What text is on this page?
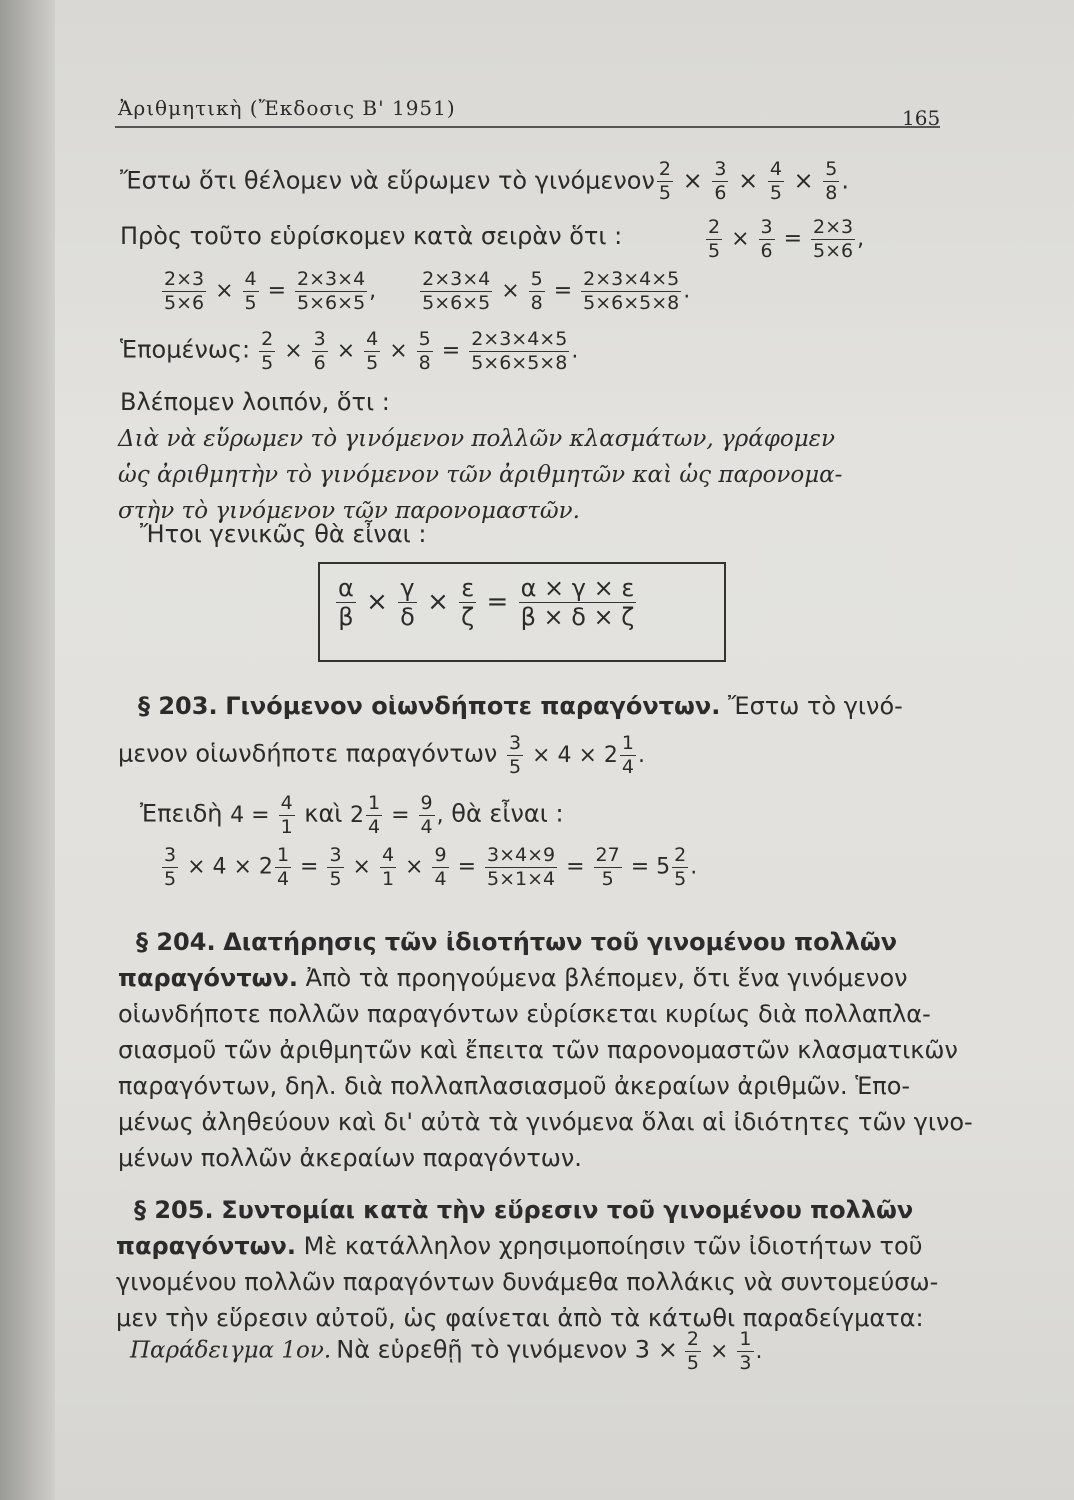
Ἀριθμητικὴ (Ἔκδοσις Β' 1951)	165
Ἔστω ὅτι θέλομεν νὰ εὕρωμεν τὸ γινόμενον $\frac{2}{5} \times \frac{3}{6} \times \frac{4}{5} \times \frac{5}{8}$ .
Πρὸς τοῦτο εὑρίσκομεν κατὰ σειρὰν ὅτι :	$\frac{2}{5} \times \frac{3}{6} = \frac{2\times 3}{5\times 6}$ ,
$\frac{2\times 3}{5\times 6} \times \frac{4}{5} = \frac{2\times 3\times 4}{5\times 6\times 5}$ , $\frac{2\times 3\times 4}{5\times 6\times 5} \times \frac{5}{8} = \frac{2\times 3\times 4\times 5}{5\times 6\times 5\times 8}$ .
Ἑπομένως: $\frac{2}{5} \times \frac{3}{6} \times \frac{4}{5} \times \frac{5}{8} = \frac{2\times 3\times 4\times 5}{5\times 6\times 5\times 8}$ .
Βλέπομεν λοιπόν, ὅτι :
Διὰ νὰ εὕρωμεν τὸ γινόμενον πολλῶν κλασμάτων, γράφομεν
ὡς ἀριθμητὴν τὸ γινόμενον τῶν ἀριθμητῶν καὶ ὡς παρονομα-
στὴν τὸ γινόμενον τῶν παρονομαστῶν.
Ἤτοι γενικῶς θὰ εἶναι :
$\frac{\alpha}{\beta} \times \frac{\gamma}{\delta} \times \frac{\varepsilon}{\zeta} = \frac{\alpha \times \gamma \times \varepsilon}{\beta \times \delta \times \zeta}$
§ 203. Γινόμενον οἱωνδήποτε παραγόντων. Ἔστω τὸ γινό-
μενον οἱωνδήποτε παραγόντων $\frac{3}{5} \times 4 \times 2 \frac{1}{4}$ .
Ἐπειδὴ $4 = \frac{4}{1}$ καὶ $2 \frac{1}{4} = \frac{9}{4}$ , θὰ εἶναι :
$\frac{3}{5} \times 4 \times 2 \frac{1}{4} = \frac{3}{5} \times \frac{4}{1} \times \frac{9}{4} = \frac{3\times 4\times 9}{5\times 1\times 4} = \frac{27}{5} = 5 \frac{2}{5}$ .
§ 204. Διατήρησις τῶν ἰδιοτήτων τοῦ γινομένου πολλῶν
παραγόντων. Ἀπὸ τὰ προηγούμενα βλέπομεν, ὅτι ἕνα γινόμενον
οἱωνδήποτε πολλῶν παραγόντων εὑρίσκεται κυρίως διὰ πολλαπλα-
σιασμοῦ τῶν ἀριθμητῶν καὶ ἔπειτα τῶν παρονομαστῶν κλασματικῶν
παραγόντων, δηλ. διὰ πολλαπλασιασμοῦ ἀκεραίων ἀριθμῶν. Ἑπο-
μένως ἀληθεύουν καὶ δι' αὐτὰ τὰ γινόμενα ὅλαι αἱ ἰδιότητες τῶν γινο-
μένων πολλῶν ἀκεραίων παραγόντων.
§ 205. Συντομίαι κατὰ τὴν εὕρεσιν τοῦ γινομένου πολλῶν
παραγόντων. Μὲ κατάλληλον χρησιμοποίησιν τῶν ἰδιοτήτων τοῦ
γινομένου πολλῶν παραγόντων δυνάμεθα πολλάκις νὰ συντομεύσω-
μεν τὴν εὕρεσιν αὐτοῦ, ὡς φαίνεται ἀπὸ τὰ κάτωθι παραδείγματα:
Παράδειγμα 1ον. Νὰ εὑρεθῇ τὸ γινόμενον $3 \times \frac{2}{5} \times \frac{1}{3}$ .
